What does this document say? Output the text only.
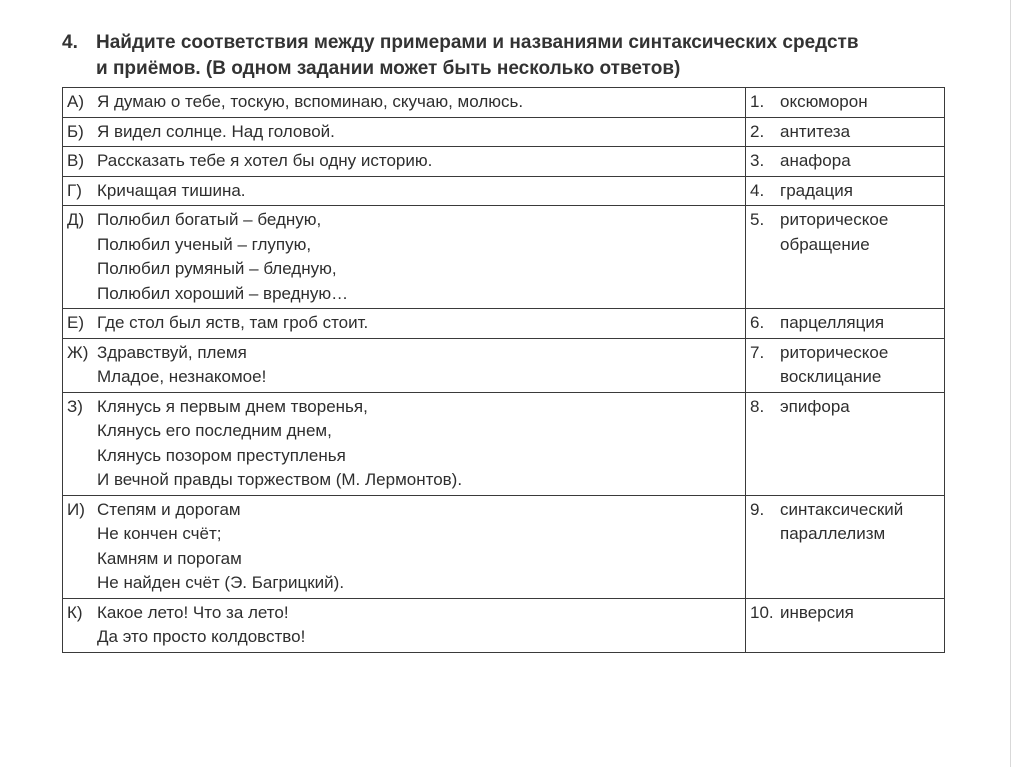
4. Найдите соответствия между примерами и названиями синтаксических средств
и приёмов. (В одном задании может быть несколько ответов)
А) Я думаю о тебе, тоскую, вспоминаю, скучаю, молюсь.	1. оксюморон

Б) Я видел солнце. Над головой.	2. антитеза

В) Рассказать тебе я хотел бы одну историю.	3. анафора

Г) Кричащая тишина.	4. градация

Д) Полюбил богатый – бедную,
Полюбил ученый – глупую,
Полюбил румяный – бледную,
Полюбил хороший – вредную…	5. риторическое
обращение

Е) Где стол был яств, там гроб стоит.	6. парцелляция

Ж) Здравствуй, племя
Младое, незнакомое!	7. риторическое
восклицание

З) Клянусь я первым днем творенья,
Клянусь его последним днем,
Клянусь позором преступленья
И вечной правды торжеством (М. Лермонтов).	8. эпифора

И) Степям и дорогам
Не кончен счёт;
Камням и порогам
Не найден счёт (Э. Багрицкий).	9. синтаксический
параллелизм

К) Какое лето! Что за лето!
Да это просто колдовство!	10. инверсия
